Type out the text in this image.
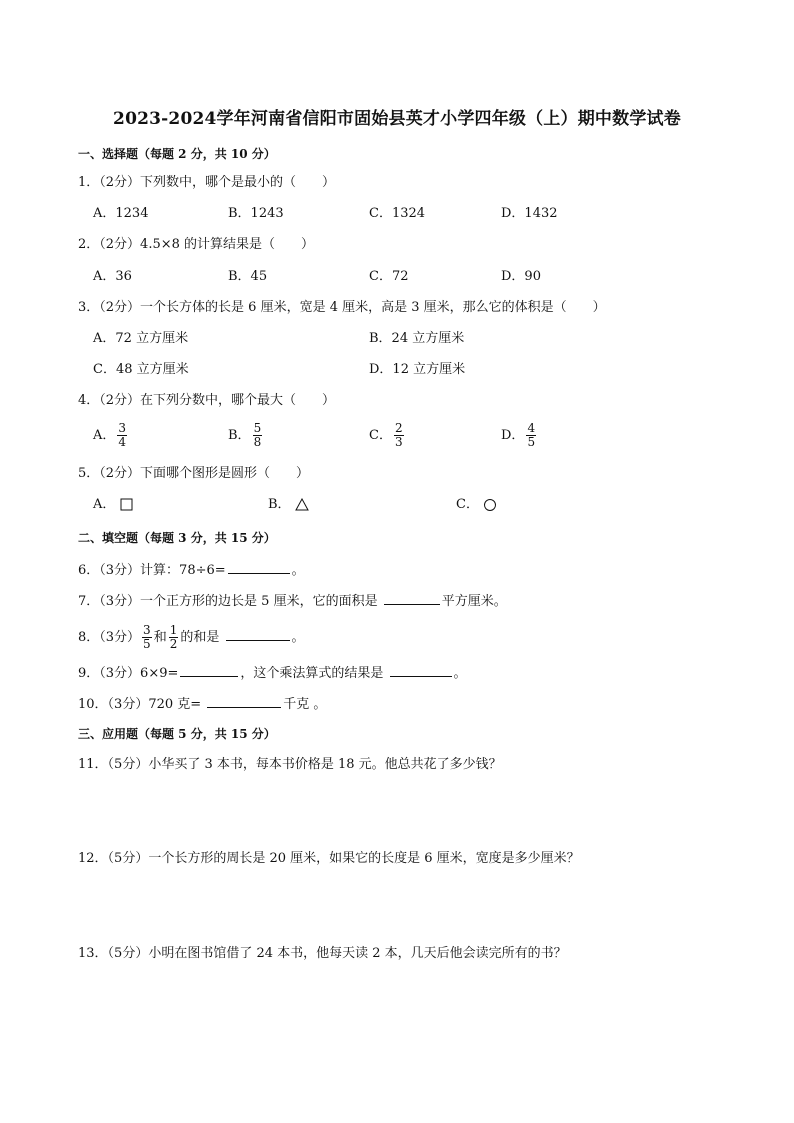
2023-2024学年河南省信阳市固始县英才小学四年级（上）期中数学试卷
一、选择题（每题 2 分，共 10 分）
1．（2分）下列数中，哪个是最小的（　　）
A．1234	B．1243	C．1324	D．1432
2．（2分）4.5×8 的计算结果是（　　）
A．36	B．45	C．72	D．90
3．（2分）一个长方体的长是 6 厘米，宽是 4 厘米，高是 3 厘米，那么它的体积是（　　）
A．72 立方厘米	B．24 立方厘米
C．48 立方厘米	D．12 立方厘米
4．（2分）在下列分数中，哪个最大（　　）
A． $\frac{3}{4}$	B． $\frac{5}{8}$	C． $\frac{2}{3}$	D． $\frac{4}{5}$
5．（2分）下面哪个图形是圆形（　　）
A．	B．	C．
二、填空题（每题 3 分，共 15 分）
6．（3分）计算：78÷6=	。
7．（3分）一个正方形的边长是 5 厘米，它的面积是	平方厘米。
8．（3分） $\frac{3}{5}$ 和 $\frac{1}{2}$ 的和是	。
9．（3分）6×9=	，这个乘法算式的结果是	。
10．（3分）720 克=	千克 。
三、应用题（每题 5 分，共 15 分）
11．（5分）小华买了 3 本书，每本书价格是 18 元。他总共花了多少钱？
12．（5分）一个长方形的周长是 20 厘米，如果它的长度是 6 厘米，宽度是多少厘米？
13．（5分）小明在图书馆借了 24 本书，他每天读 2 本，几天后他会读完所有的书？
